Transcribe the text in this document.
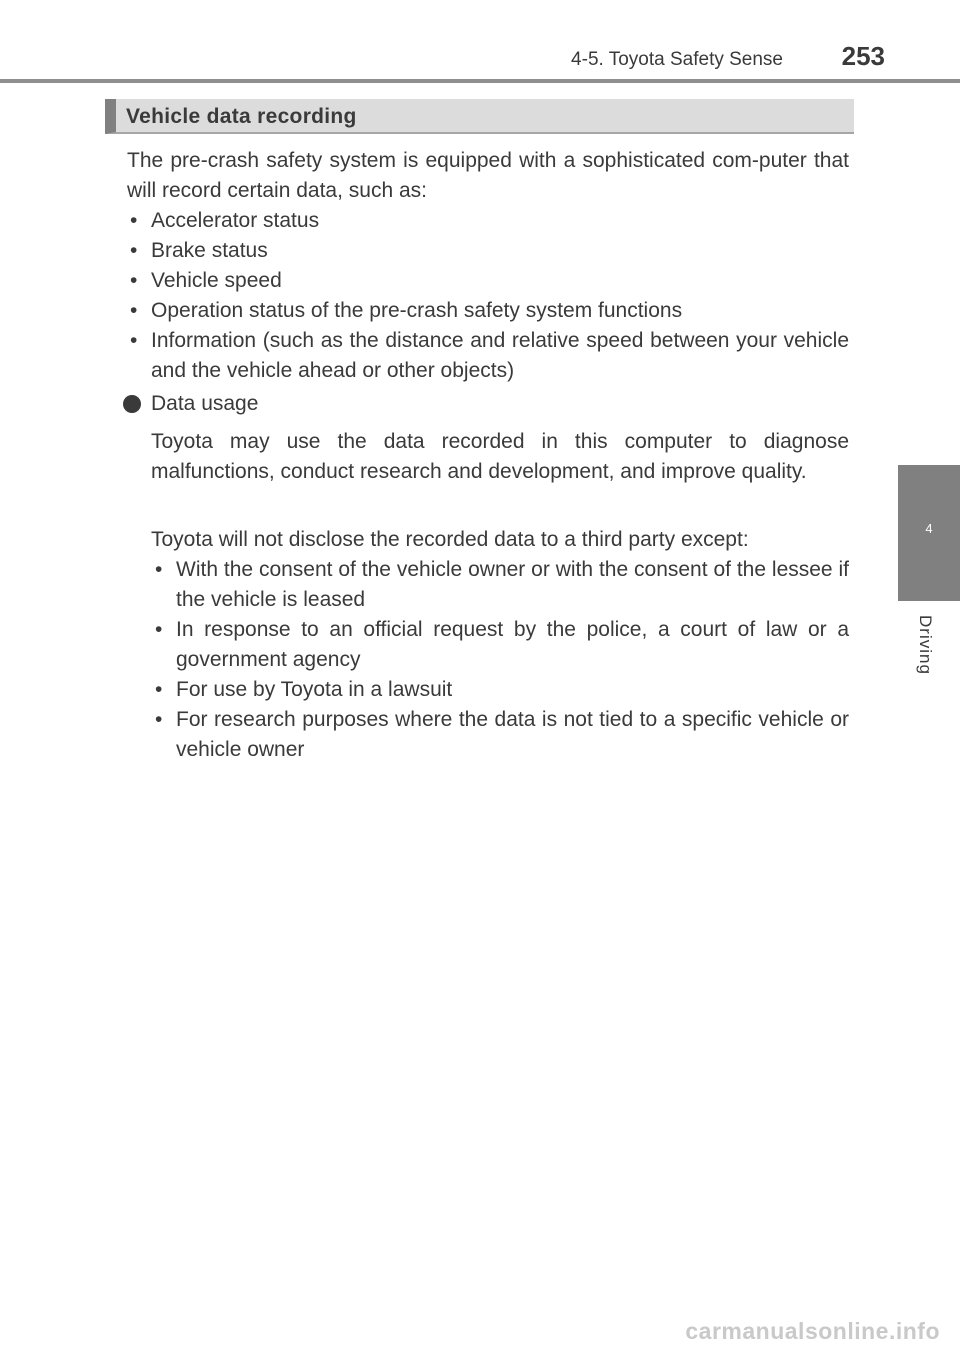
4-5. Toyota Safety Sense 253
4
Driving
Vehicle data recording
The pre-crash safety system is equipped with a sophisticated com-puter that will record certain data, such as:
• Accelerator status
• Brake status
• Vehicle speed
• Operation status of the pre-crash safety system functions
• Information (such as the distance and relative speed between your vehicle and the vehicle ahead or other objects)
Data usage
Toyota may use the data recorded in this computer to diagnose malfunctions, conduct research and development, and improve quality.
Toyota will not disclose the recorded data to a third party except:
• With the consent of the vehicle owner or with the consent of the lessee if the vehicle is leased
• In response to an official request by the police, a court of law or a government agency
• For use by Toyota in a lawsuit
• For research purposes where the data is not tied to a specific vehicle or vehicle owner
carmanualsonline.info
